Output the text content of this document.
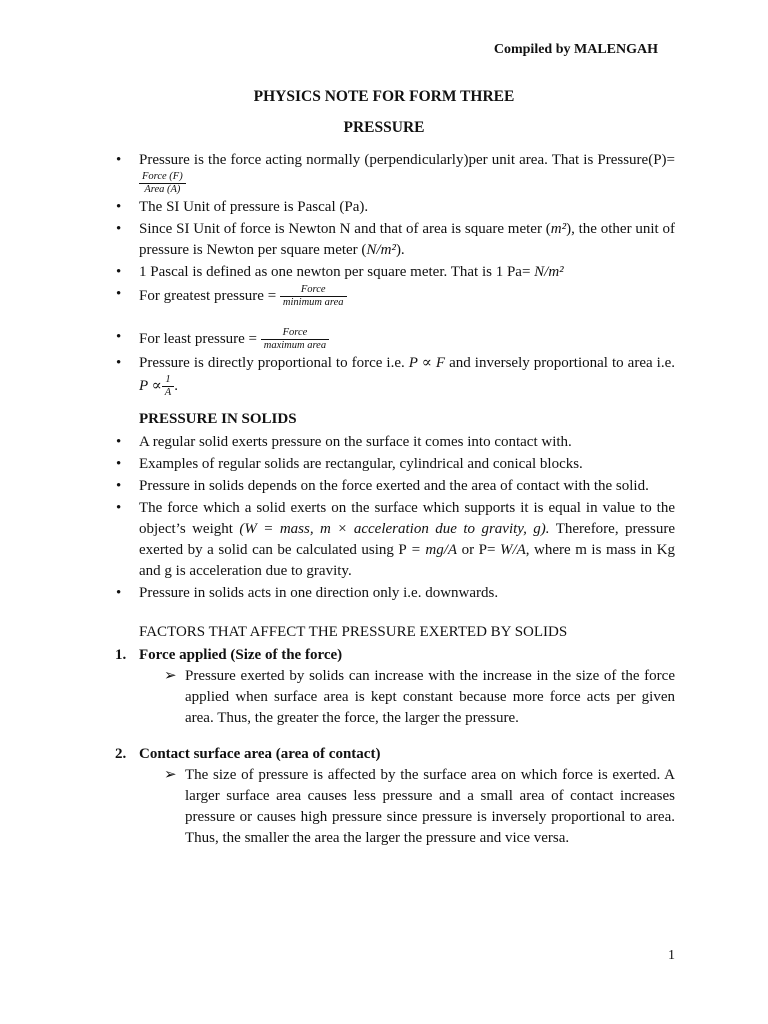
Compiled by MALENGAH
PHYSICS NOTE FOR FORM THREE
PRESSURE
• Pressure is the force acting normally (perpendicularly)per unit area. That is Pressure(P)=
$\frac{\text{Force (F)}}{\text{Area (A)}}$
• The SI Unit of pressure is Pascal (Pa).
• Since SI Unit of force is Newton N and that of area is square meter (m²), the other unit of pressure is Newton per square meter (N/m²).
• 1 Pascal is defined as one newton per square meter. That is 1 Pa= N/m²
• For greatest pressure = $\frac{\text{Force}}{\text{minimum area}}$
• For least pressure = $\frac{\text{Force}}{\text{maximum area}}$
• Pressure is directly proportional to force i.e. P ∝ F and inversely proportional to area i.e. $P \propto \frac{1}{A}$ .
PRESSURE IN SOLIDS
• A regular solid exerts pressure on the surface it comes into contact with.
• Examples of regular solids are rectangular, cylindrical and conical blocks.
• Pressure in solids depends on the force exerted and the area of contact with the solid.
• The force which a solid exerts on the surface which supports it is equal in value to the object’s weight (W = mass, m × acceleration due to gravity, g). Therefore, pressure exerted by a solid can be calculated using P = mg/A or P= W/A, where m is mass in Kg and g is acceleration due to gravity.
• Pressure in solids acts in one direction only i.e. downwards.
FACTORS THAT AFFECT THE PRESSURE EXERTED BY SOLIDS
1. Force applied (Size of the force)
➢ Pressure exerted by solids can increase with the increase in the size of the force applied when surface area is kept constant because more force acts per given area. Thus, the greater the force, the larger the pressure.
2. Contact surface area (area of contact)
➢ The size of pressure is affected by the surface area on which force is exerted. A larger surface area causes less pressure and a small area of contact increases pressure or causes high pressure since pressure is inversely proportional to area. Thus, the smaller the area the larger the pressure and vice versa.
1
